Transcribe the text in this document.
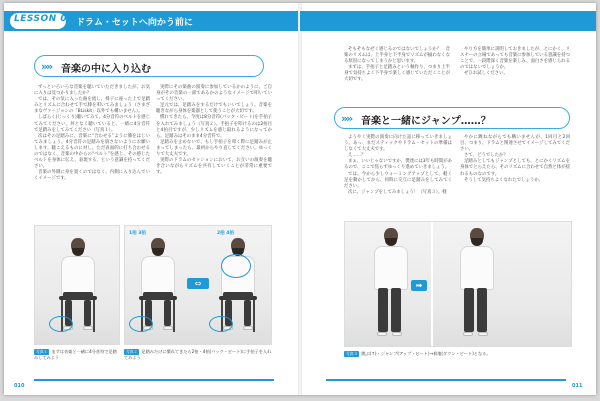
LESSON 01 ドラム・セットへ向かう前に
»» 音楽の中に入り込む

ずっといろいろな音楽を聴いていただきましたが、お気に入りは見つかりましたか？

では、その気に入った曲を流し、椅子に座った上で足踏みとリズムに合わせて手で膝を叩いてみましょう（さまざまなヴァージョンの「BLiskit」以外でも構いません）。

しばらく(じっくり)聴いてみて、4分音符のベルトを感じてみてください。何となく聴いていると、一緒に4分音符で足踏みをしてみてください（写真１）。

次はその足踏みに、音楽に“合わせる”ように膝をはじいてみましょう。4分音符の足踏みを崩さないようにお願いします。聴こえるものに対し、ただ表面的に打ち合わせるのではなく、音楽の中からの“ベルト”を感じ、その感じたベルトを身体に伝え、表現する、という意識を持ってください。

音楽の外側に身を置くのではなく、内側に入り込んでいくイメージです。

実際にその楽曲の演奏に参加しているかのように、ご自身がその音楽の一部であるかのようなイメージで叩いていってください。

足元では、足踏みをするだけでもいいでしょう。音楽を聴きながら身体を楽器として使うことが大切です。

慣れてきたら、今度は8分音符(バック・ビート)を手拍子を入れてみましょう（写真２）。手拍子を叩けるのは2拍目と4拍目ですが、少しリズムを感じ取れるようになってから。足踏みはそのまま4分音符で。

足踏みを止めないで、もし手拍子を叩く際に足踏みが止まってしまったら、最初からやり直してください。ゆっくりで大丈夫です。

実際のドラムのセッションにおいて、お互いの演奏を聴き合いながらリズムを共有していくことが非常に重要です。

1拍 3拍	2拍 4拍
⇔
写真１ まずは音楽と一緒に4分音符で足踏みしてみよう
写真２ 足踏みだけに慣れてきたら2拍・4拍(バック・ビート)に手拍子を入れてみよう
010

そもそもなぜく感じるのではないでしょうか？　音楽のリズムは、上半身と下半身でリズムが揃わなくなる原因になってしまうかと思います。

まずは、手拍子と足踏みという軸作り、つまり上半身で気持ちよく下半身で楽しく感じていただくことが大切です。

やり方を簡単に説明しておきましたが、とにかく、リスナーの立場であっても音楽に参加している意識を持つことで、一段階深く音楽を楽しみ、面白さを感じられるのではないでしょうか。

ぜひお試しください。

»» 音楽と一緒にジャンプ……？

ようやく実際の演奏に向けた話に移っていきましょう。あっ、まだスティックやドラム・セットの準備はしなくて大丈夫です。

え……？

まぁ、いいじゃないですか、僕達には3年も時間があるので、ここで焦らずゆっくり進めていきましょう。

では、今から少しウォーミングアップとして、軽く足を動かしてから、同時に交互に足踏みをしてみてください。

次に、ジャンプをしてみましょう！（写真３）。軽

やかに跳ねながらでも構いませんが、1回目と2回目、つまり、ドラムと関連させてイメージしてみてください。

さて、どうでしたか？

足踏みとしてもジャンプとしても、とにかくリズムを身体でとらえたら、そのリズムに合わせて自然と体が揺れるものなのです。

そうして気持ちよくなれたでしょうか。

➡
写真３ 跳ぶ(↑)・ジャンプ(アップ・ビート)→着地(ダウン・ビート)となる。
011
